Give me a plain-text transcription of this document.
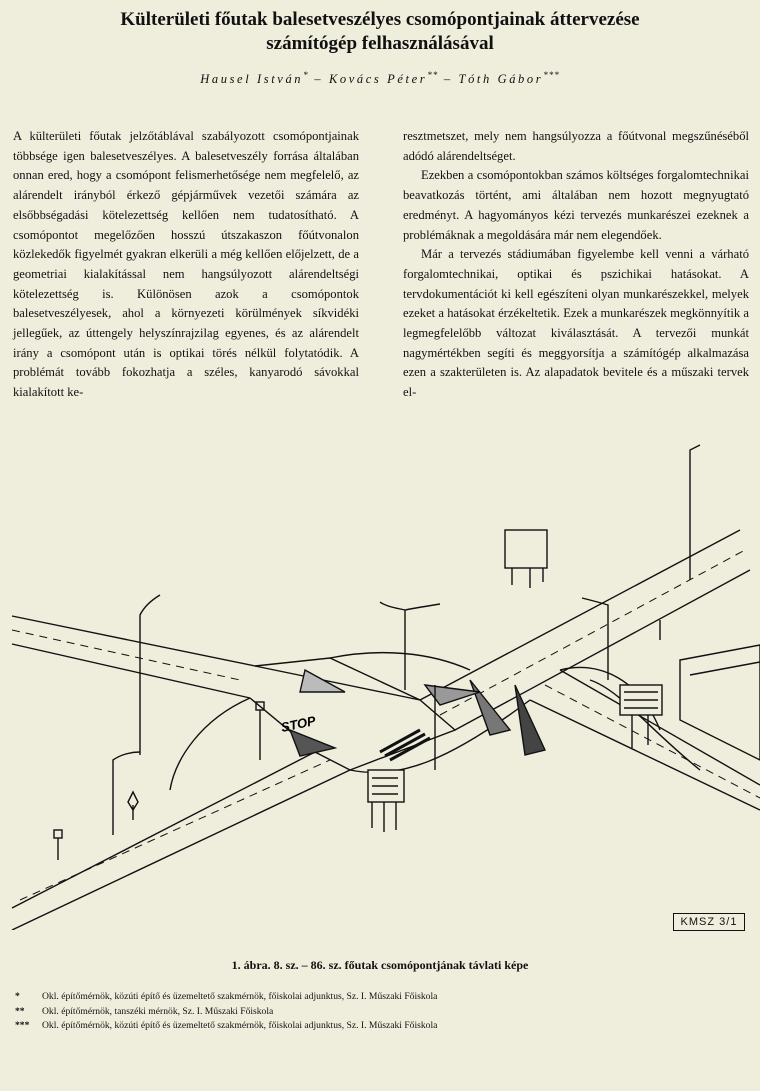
Külterületi főutak balesetveszélyes csomópontjainak áttervezése
számítógép felhasználásával
Hausel István* – Kovács Péter** – Tóth Gábor***

A külterületi főutak jelzőtáblával szabályozott csomópontjainak többsége igen balesetveszélyes. A balesetveszély forrása általában onnan ered, hogy a csomópont felismerhetősége nem megfelelő, az alárendelt irányból érkező gépjárművek vezetői számára az elsőbbségadási kötelezettség kellően nem tudatosítható. A csomópontot megelőzően hosszú útszakaszon főútvonalon közlekedők figyelmét gyakran elkerüli a még kellően előjelzett, de a geometriai kialakítással nem hangsúlyozott alárendeltségi kötelezettség is. Különösen azok a csomópontok balesetveszélyesek, ahol a környezeti körülmények síkvidéki jellegűek, az úttengely helyszínrajzilag egyenes, és az alárendelt irány a csomópont után is optikai törés nélkül folytatódik. A problémát tovább fokozhatja a széles, kanyarodó sávokkal kialakított ke-

resztmetszet, mely nem hangsúlyozza a főútvonal megszűnéséből adódó alárendeltséget.

Ezekben a csomópontokban számos költséges forgalomtechnikai beavatkozás történt, ami általában nem hozott megnyugtató eredményt. A hagyományos kézi tervezés munkarészei ezeknek a problémáknak a megoldására már nem elegendőek.

Már a tervezés stádiumában figyelembe kell venni a várható forgalomtechnikai, optikai és pszichikai hatásokat. A tervdokumentációt ki kell egészíteni olyan munkarészekkel, melyek ezeket a hatásokat érzékeltetik. Ezek a munkarészek megkönnyítik a legmegfelelőbb változat kiválasztását. A tervezői munkát nagymértékben segíti és meggyorsítja a számítógép alkalmazása ezen a szakterületen is. Az alapadatok bevitele és a műszaki tervek el-

STOP
KMSZ 3/1
1. ábra. 8. sz. – 86. sz. főutak csomópontjának távlati képe
*	Okl. építőmérnök, közúti építő és üzemeltető szakmérnök, főiskolai adjunktus, Sz. I. Műszaki Főiskola
**	Okl. építőmérnök, tanszéki mérnök, Sz. I. Műszaki Főiskola
***	Okl. építőmérnök, közúti építő és üzemeltető szakmérnök, főiskolai adjunktus, Sz. I. Műszaki Főiskola
